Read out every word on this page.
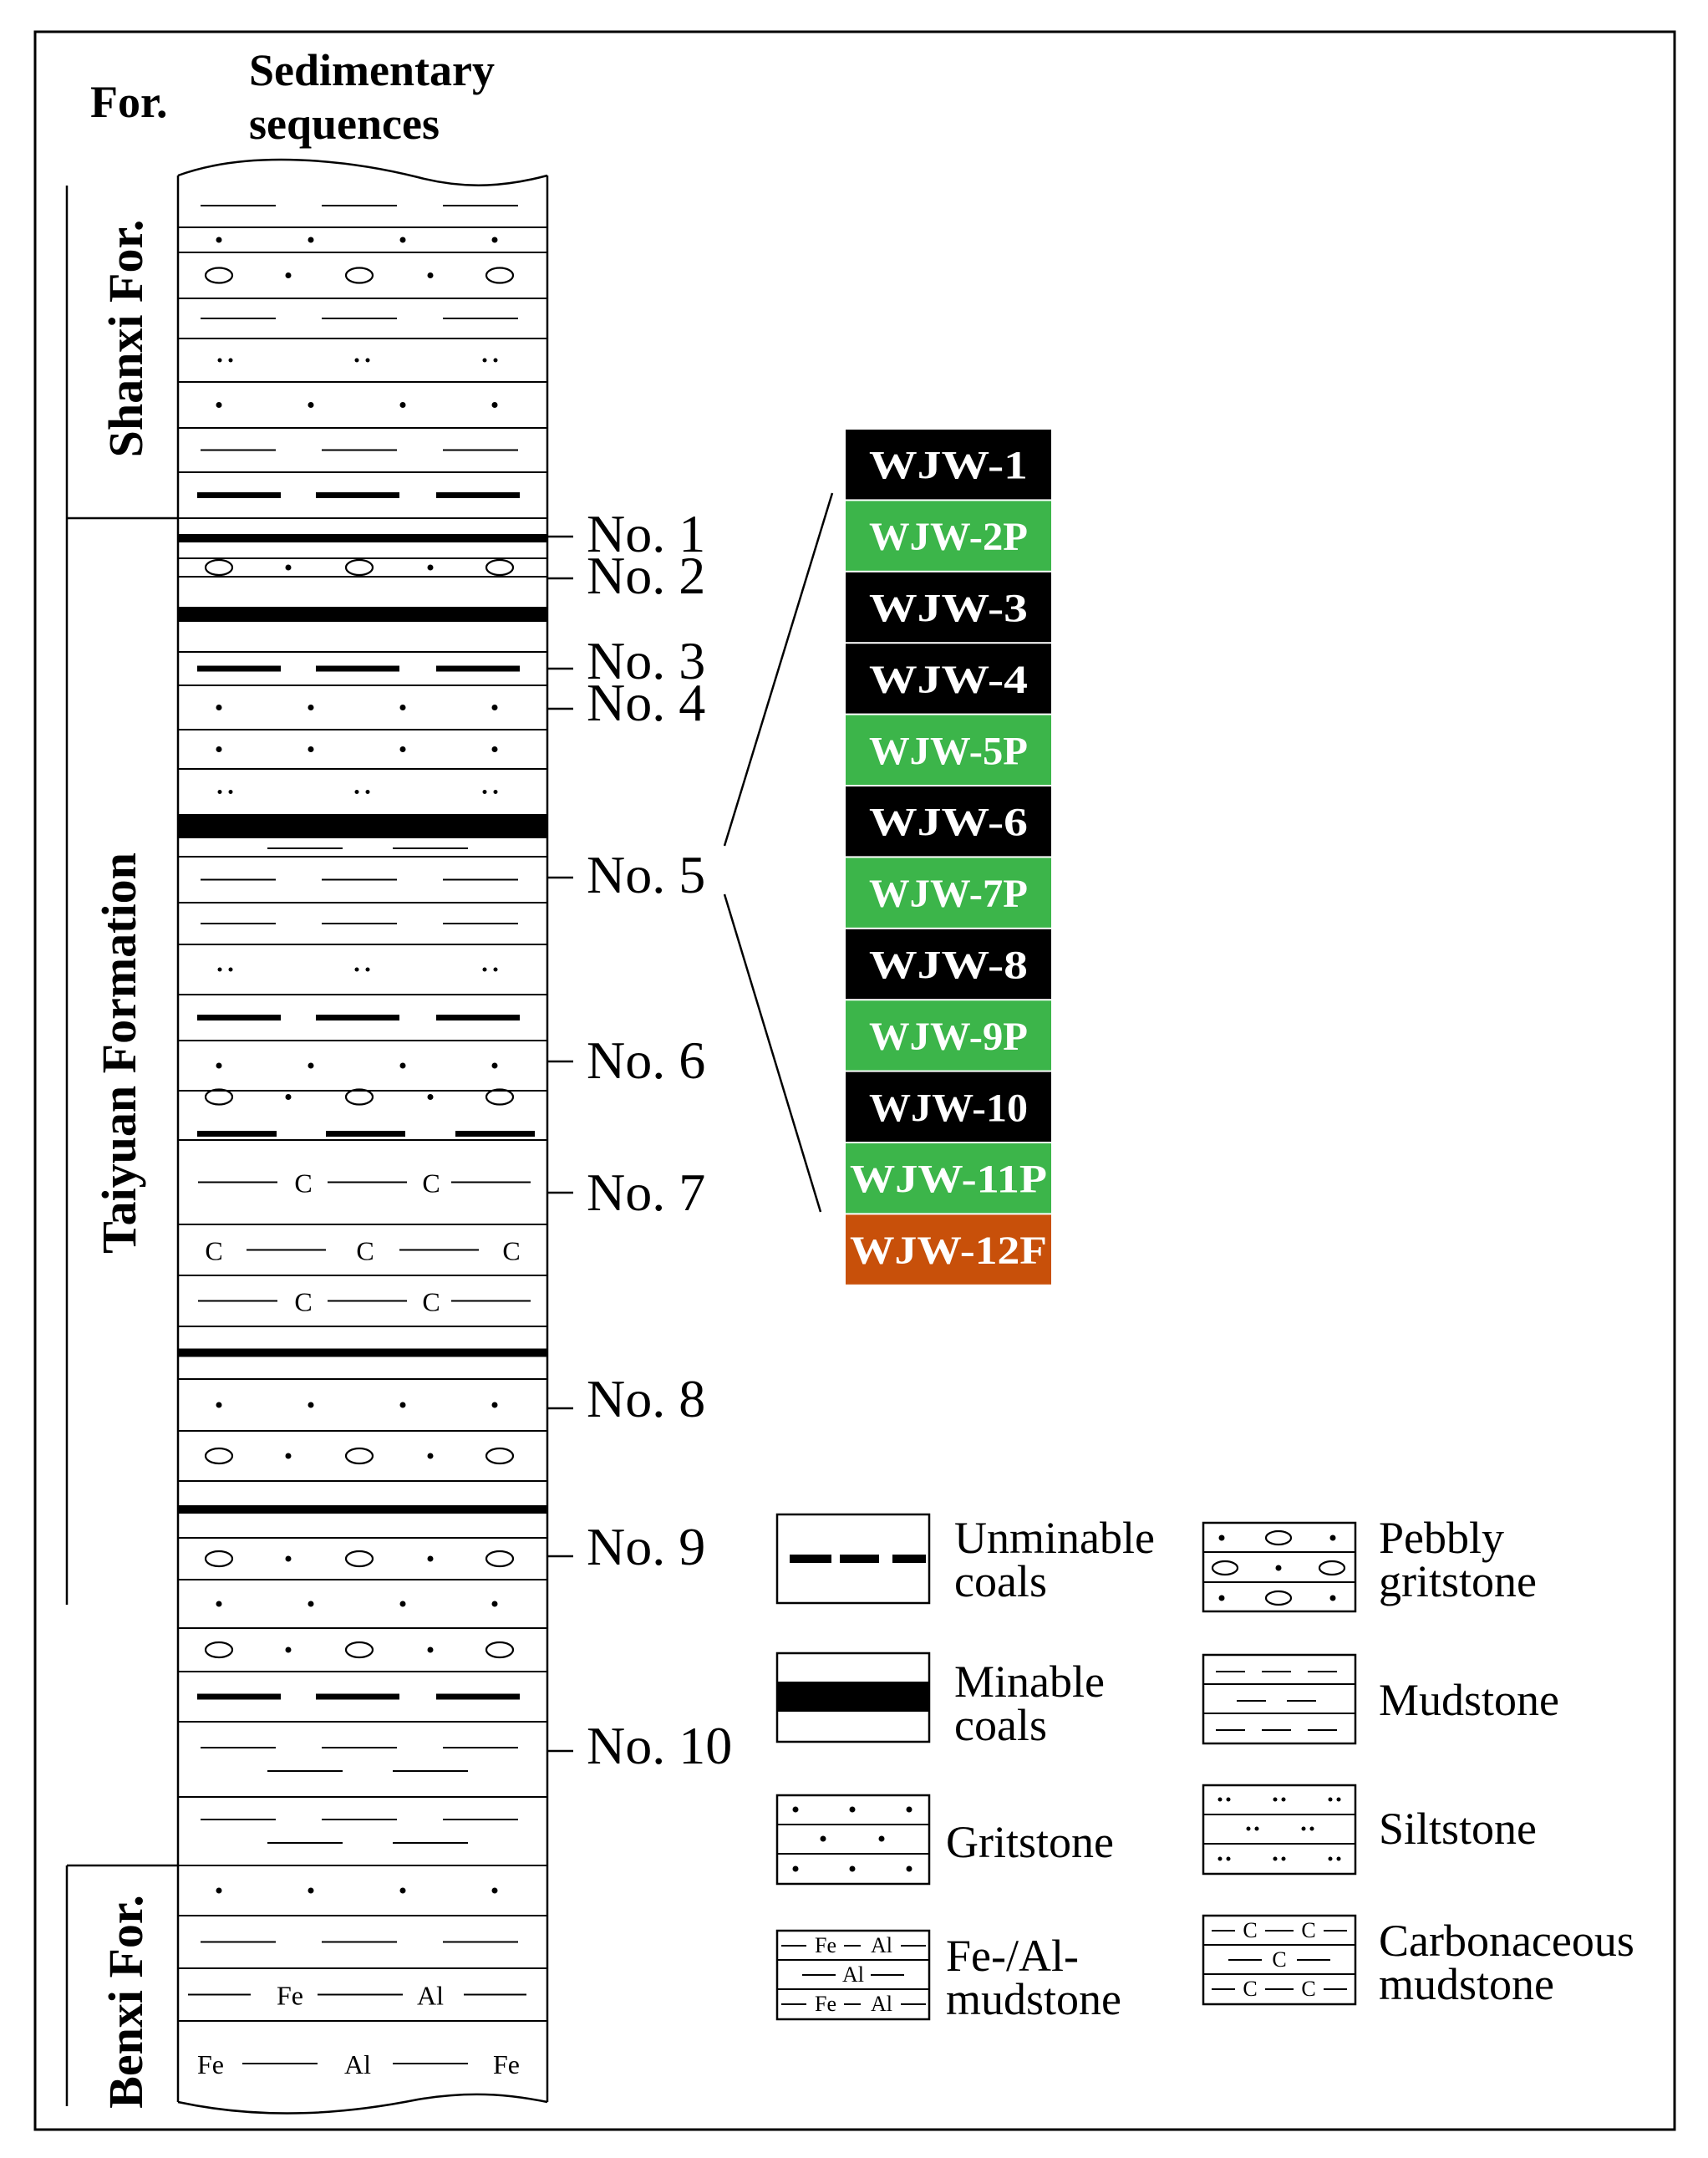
For.
Sedimentary
sequences
Shanxi For.
Taiyuan Formation
Benxi For.
C	C
C	C	C
C	C
Fe	Al
Fe	Al	Fe
No. 1
No. 2
No. 3
No. 4
No. 5
No. 6
No. 7
No. 8
No. 9
No. 10
WJW-1
WJW-2P
WJW-3
WJW-4
WJW-5P
WJW-6
WJW-7P
WJW-8
WJW-9P
WJW-10
WJW-11P
WJW-12F
Unminable
coals
Pebbly
gritstone
Minable
coals	Mudstone
Gritstone	Siltstone
Fe Al
Al
Fe Al
Fe-/Al-
mudstone
C C
C
C C
Carbonaceous
mudstone
